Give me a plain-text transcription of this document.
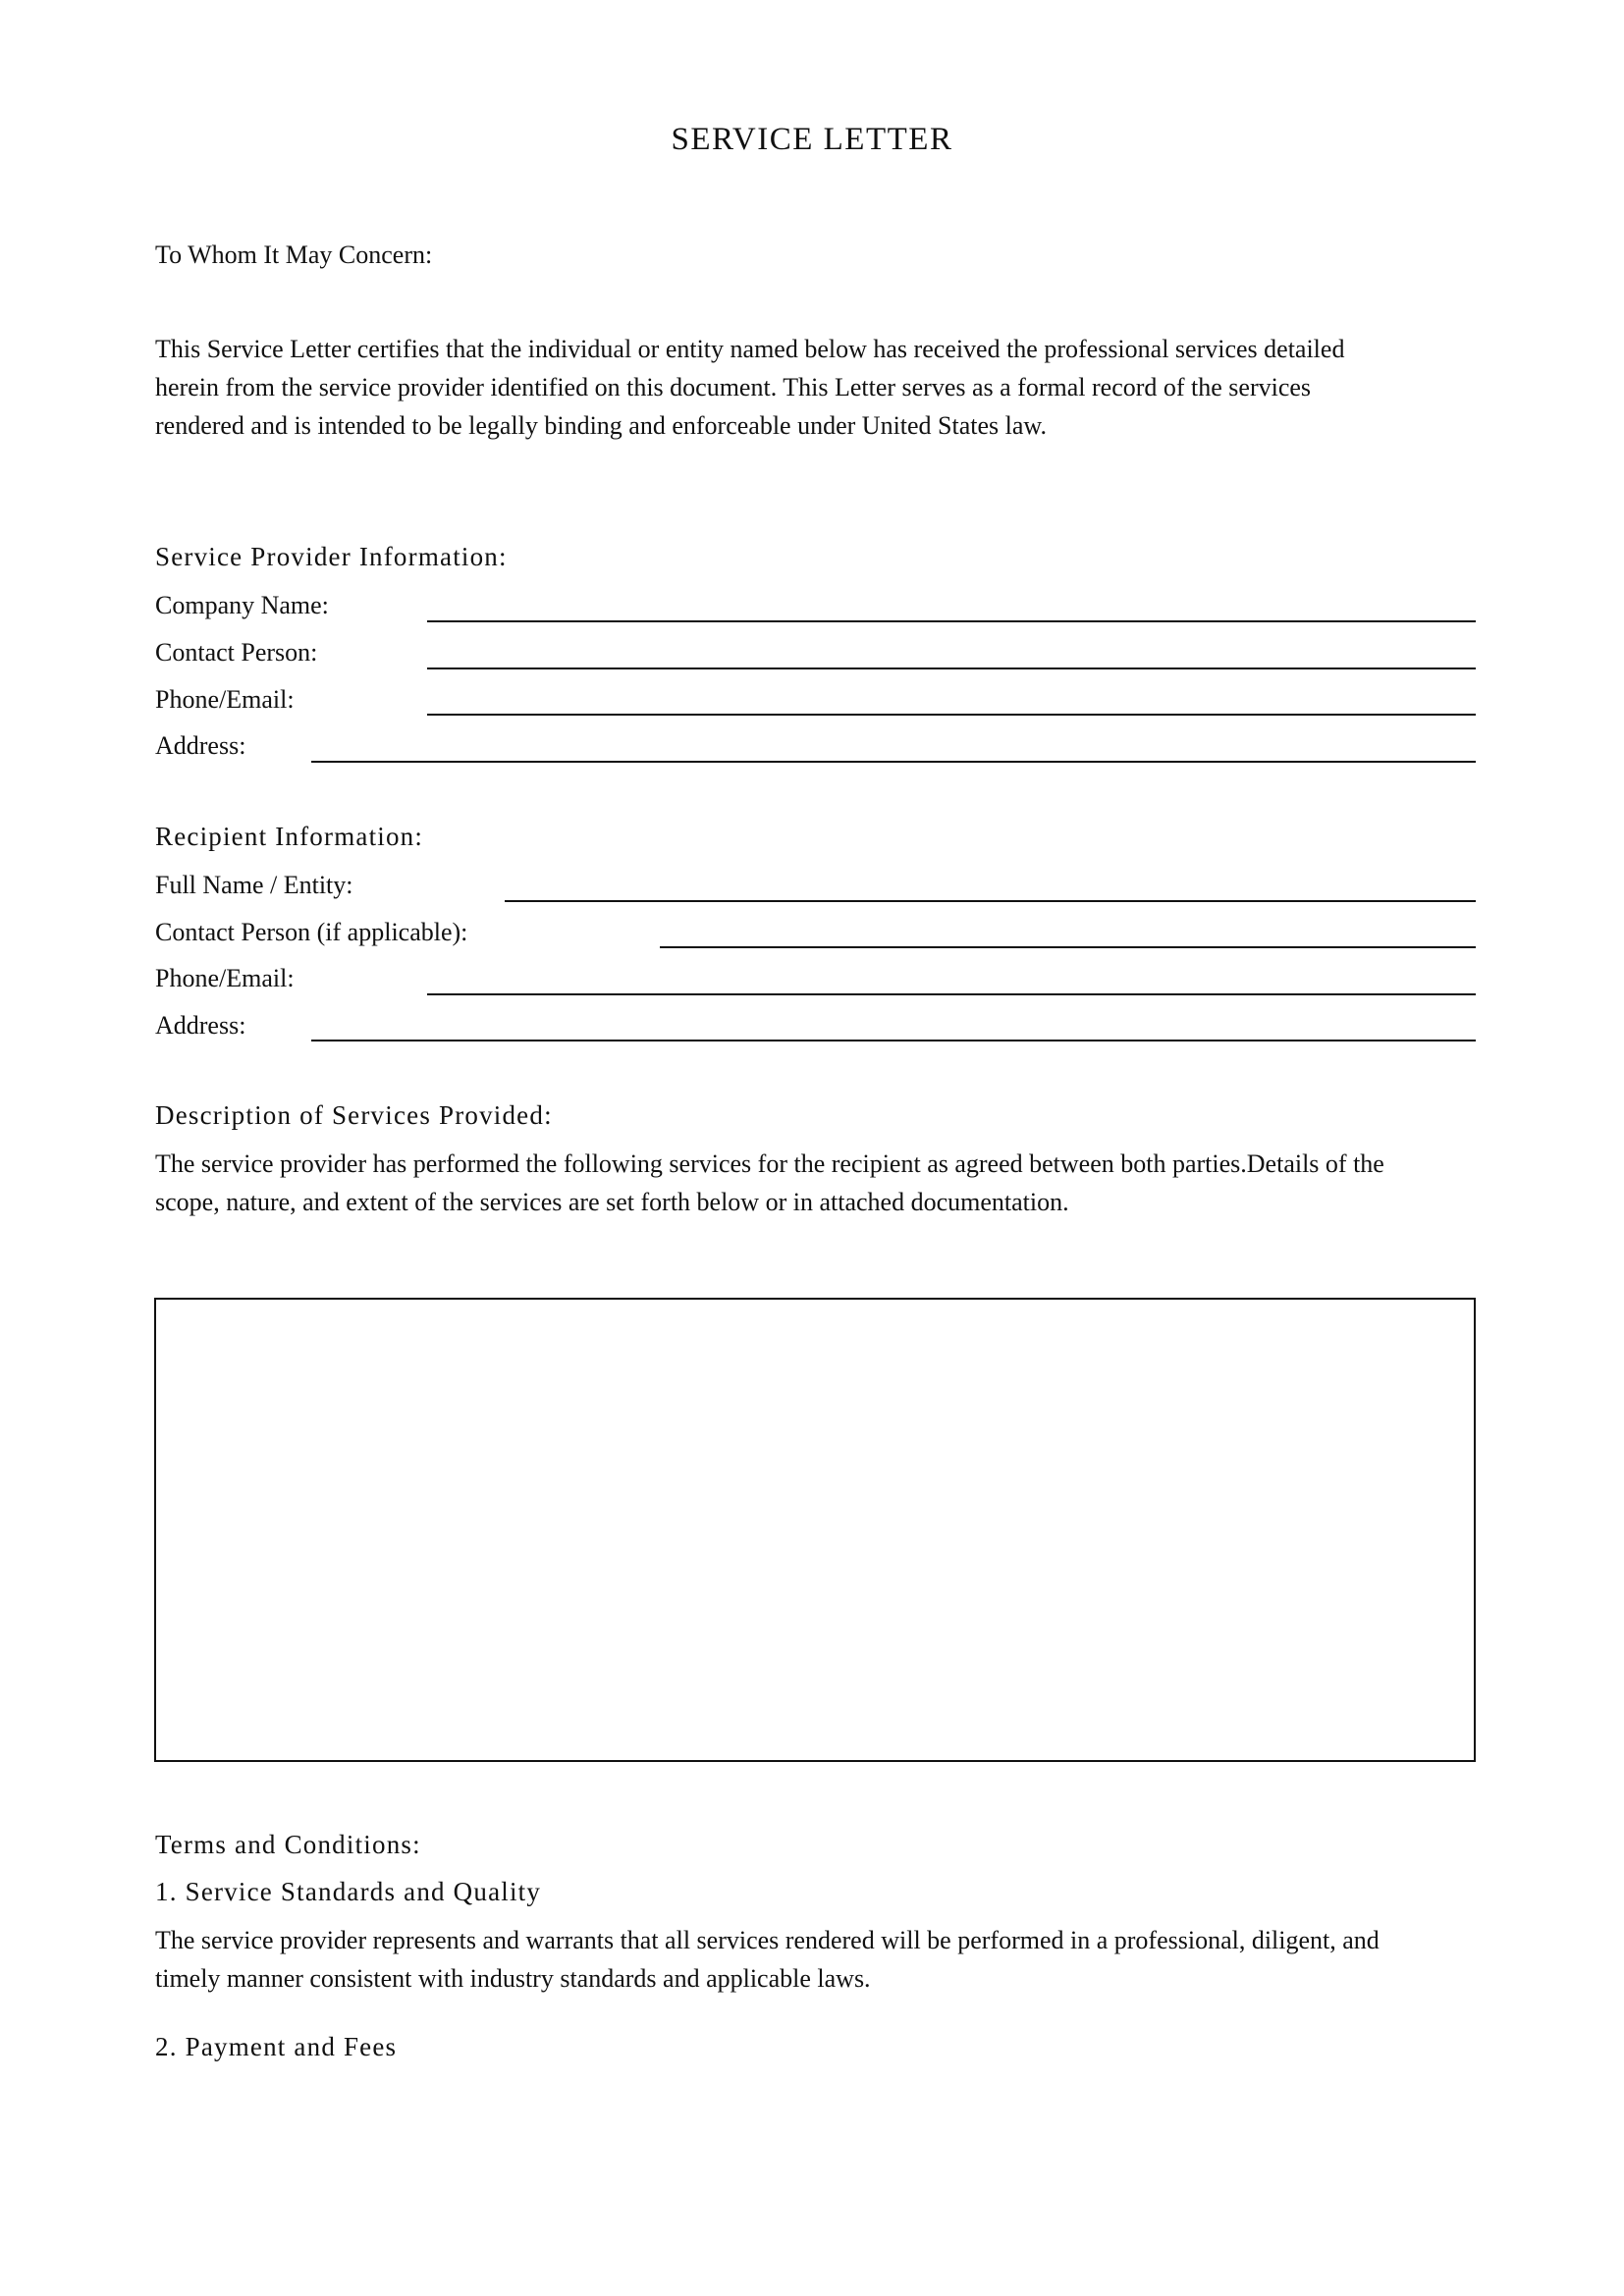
SERVICE LETTER
To Whom It May Concern:
This Service Letter certifies that the individual or entity named below has received the professional services detailed
herein from the service provider identified on this document. This Letter serves as a formal record of the services
rendered and is intended to be legally binding and enforceable under United States law.
Service Provider Information:
Company Name:
Contact Person:
Phone/Email:
Address:
Recipient Information:
Full Name / Entity:
Contact Person (if applicable):
Phone/Email:
Address:
Description of Services Provided:
The service provider has performed the following services for the recipient as agreed between both parties.Details of the
scope, nature, and extent of the services are set forth below or in attached documentation.
Terms and Conditions:
1. Service Standards and Quality
The service provider represents and warrants that all services rendered will be performed in a professional, diligent, and
timely manner consistent with industry standards and applicable laws.
2. Payment and Fees
